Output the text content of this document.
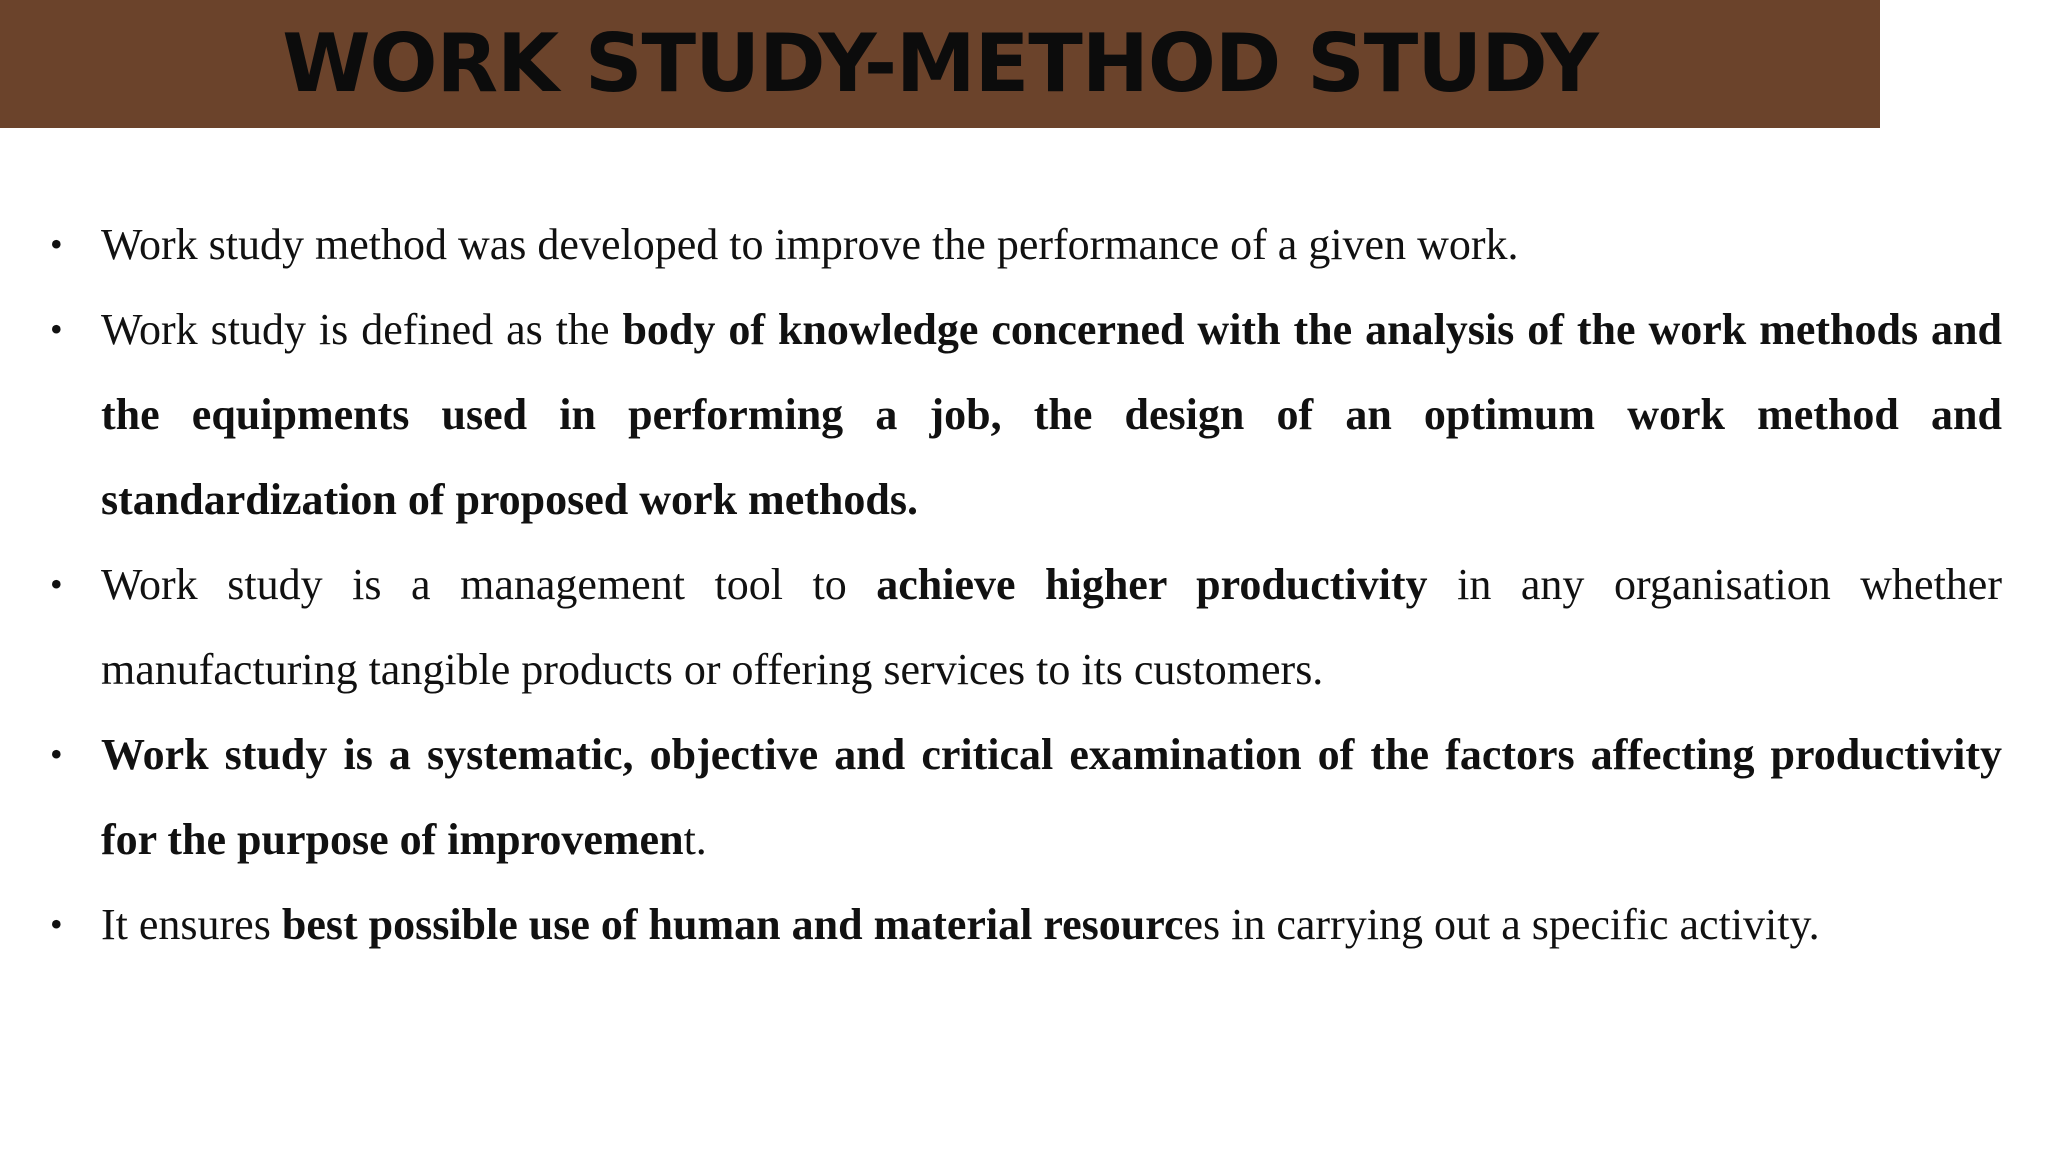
WORK STUDY-METHOD STUDY
• Work study method was developed to improve the performance of a given work.
• Work study is defined as the body of knowledge concerned with the analysis of the work methods and the equipments used in performing a job, the design of an optimum work method and standardization of proposed work methods.
• Work study is a management tool to achieve higher productivity in any organisation whether manufacturing tangible products or offering services to its customers.
• Work study is a systematic, objective and critical examination of the factors affecting productivity for the purpose of improvement.
• It ensures best possible use of human and material resources in carrying out a specific activity.
